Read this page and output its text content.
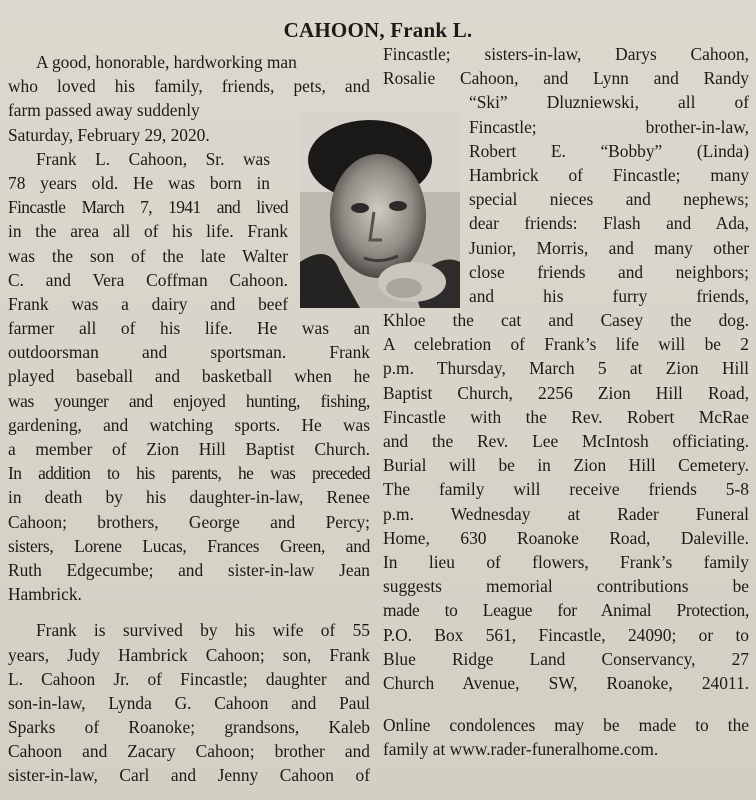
CAHOON, Frank L.
A good, honorable, hardworking man
who loved his family, friends, pets, and
farm passed away suddenly
Saturday, February 29, 2020.
Frank L. Cahoon, Sr. was
78 years old. He was born in
Fincastle March 7, 1941 and lived
in the area all of his life. Frank
was the son of the late Walter
C. and Vera Coffman Cahoon.
Frank was a dairy and beef
farmer all of his life. He was an
outdoorsman and sportsman. Frank
played baseball and basketball when he
was younger and enjoyed hunting, fishing,
gardening, and watching sports. He was
a member of Zion Hill Baptist Church.
In addition to his parents, he was preceded
in death by his daughter-in-law, Renee
Cahoon; brothers, George and Percy;
sisters, Lorene Lucas, Frances Green, and
Ruth Edgecumbe; and sister-in-law Jean
Hambrick.
Frank is survived by his wife of 55
years, Judy Hambrick Cahoon; son, Frank
L. Cahoon Jr. of Fincastle; daughter and
son-in-law, Lynda G. Cahoon and Paul
Sparks of Roanoke; grandsons, Kaleb
Cahoon and Zacary Cahoon; brother and
sister-in-law, Carl and Jenny Cahoon of
Fincastle; sisters-in-law, Darys Cahoon,
Rosalie Cahoon, and Lynn and Randy
“Ski” Dluzniewski, all of
Fincastle; brother-in-law,
Robert E. “Bobby” (Linda)
Hambrick of Fincastle; many
special nieces and nephews;
dear friends: Flash and Ada,
Junior, Morris, and many other
close friends and neighbors;
and his furry friends,
Khloe the cat and Casey the dog.
A celebration of Frank’s life will be 2
p.m. Thursday, March 5 at Zion Hill
Baptist Church, 2256 Zion Hill Road,
Fincastle with the Rev. Robert McRae
and the Rev. Lee McIntosh officiating.
Burial will be in Zion Hill Cemetery.
The family will receive friends 5-8
p.m. Wednesday at Rader Funeral
Home, 630 Roanoke Road, Daleville.
In lieu of flowers, Frank’s family
suggests memorial contributions be
made to League for Animal Protection,
P.O. Box 561, Fincastle, 24090; or to
Blue Ridge Land Conservancy, 27
Church Avenue, SW, Roanoke, 24011.
Online condolences may be made to the
family at www.rader-funeralhome.com.
